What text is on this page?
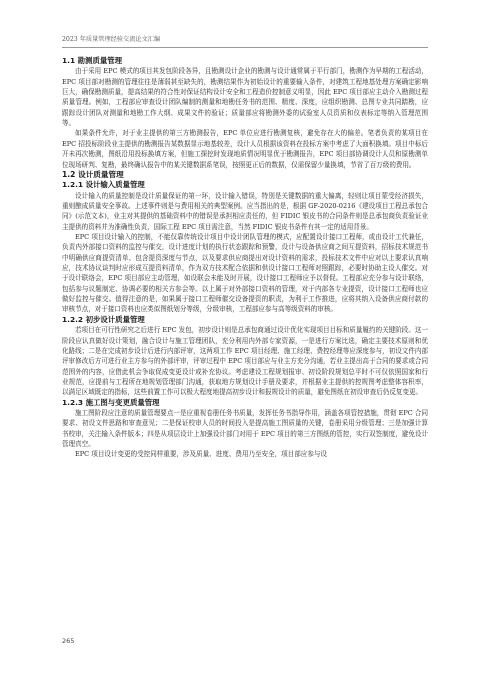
2023 年质量管理经验交流论文汇编
1.1 勘测质量管理

由于采用 EPC 模式的项目其发包阶段各异，且勘测设计企业的勘测与设计通常属于平行部门，勘测作为早期的工程活动，EPC 项目部对勘测的管理往往是薄弱甚至缺失的，勘测结果作为初始设计的重要输入条件，对建筑工程地基处理方案确定影响巨大，确保勘测质量，提高结果的符合性对保证结构设计安全和工程造价控制意义明显，因此 EPC 项目部应主动介入勘测过程质量管理。例如，工程部应审查设计团队编制的测量和地勘任务书的范围、精度、深度，应组织勘测、总图专业共同踏勘，应跟踪设计团队对测量和地勘工作大纲、成果文件的验证；质量部应将勘测外委的试验室人员资质和仪表标定等纳入管理范围等。

如果条件允许，对于业主提供的第三方勘测报告，EPC 单位应进行勘测复核，避免存在大的偏差。笔者负责的某项目在 EPC 招投标阶段业主提供的勘测报告某数据显示地基较差，设计人员根据该资料在投标方案中考虑了大面积换填。项目中标后开未再次勘测，图纸沿用投标换填方案，但施工探挖时发现地质情况明显优于勘测报告，EPC 项目部协调设计人员和原勘测单位现场研判、复勘，最终确认报告中的某关键数据系笔误，按照更正后的数据，仅需保留少量换填，节省了百万级的费用。

1.2 设计质量管理
1.2.1 设计输入质量管理

设计输入的质量控制是设计质量保证的第一环，设计输入错误，特别是关键数据的重大偏离，轻则让项目蒙受经济损失，重则酿成质量安全事故。上述事件则是与费用相关的典型案例。应当指出的是，根据 GF-2020-0216《建设项目工程总承包合同》(示范文本)，业主对其提供的基础资料中的错误是承担相应责任的，但 FIDIC 银皮书的合同条件则是总承包商负责验证业主提供的资料并为准确性负责，国际工程 EPC 项目需注意，当然 FIDIC 银皮书条件有其一定的适用背景。

EPC 项目设计输入的控制，不能仅靠传统设计项目中设计团队管理的模式，应配置设计接口工程师，或由设计工代兼任，负责内外部接口资料的监控与催交，设计进度计划的执行状态跟踪和预警，设计与设备供应商之间互提资料，招标技术规范书中明确供应商提资清单、包含提资深度与节点，以及要求供应商提出对设计资料的需求，投标技术文件中应对以上要求认真响应，技术协议谈判时应形成互提资料清单，作为双方技术配合依据和供设计接口工程师对照跟踪，必要时协助主设人催交。对于设计联络会，EPC 项目部应主动管理，如设联会未能及时开展，设计接口工程师应予以督促。工程部应充分参与设计联络，包括参与议题制定、协调必要的相关方参会等。以上属于对外部接口资料的管理，对于内部各专业提资，设计接口工程师也应做好监控与催交。值得注意的是，如果属于接口工程师催交设备提资的职责，为利于工作推进，应将其纳入设备供应商付款的审核节点，对于接口资料也应类似图纸划分等级，分级审核，工程部应参与高等级资料的审核。

1.2.2 初步设计质量管理

若项目在可行性研究之后进行 EPC 发包，初步设计则是总承包商通过设计优化实现项目目标和质量履约的关键阶段。这一阶段应认真做好设计策划，融合设计与施工管理团队，充分利用内外部专家资源，一是进行方案比选，确定主要技术原则和优化路线；二是在完成初步设计后进行内部评审，这两项工作 EPC 项目经理、施工经理、费控经理等应深度参与，初设文件内部评审修改后方可进行业主方参与的外部评审，评审过程中 EPC 项目部应与业主方充分沟通，若业主提出高于合同的要求或合同范围外的内容，应借此机会争取促成变更设计或补充协议。考虑建设工程规划报审、初设阶段规划总平时不可仅依照国家和行业规范，应提前与工程所在地规划管理部门沟通，获取地方规划设计手册及要求，并根据业主提供的控规图考虑整体容积率，以满足区域既定的指标，这些前置工作可以极大程度地提高初步设计和报规设计的质量，避免图纸在初设审查后仍反复变更。

1.2.3 施工图与变更质量管理

施工图阶段应注意的质量管理要点一是应重视卷册任务书质量，发挥任务书指导作用，涵盖各项管控措施，贯彻 EPC 合同要求、初设文件思路和审查意见；二是保证校审人员的时间投入是提高施工图质量的关键，卷册采用分级管理；三是加强计算书校审，关注输入条件版本；四是从项层设计上加强设计部门对用于 EPC 项目的第三方图纸的管控，实行双签制度，避免设计管理真空。

EPC 项目设计变更的受控同样重要，涉及质量、进度、费用乃至安全，项目部应参与设

265
